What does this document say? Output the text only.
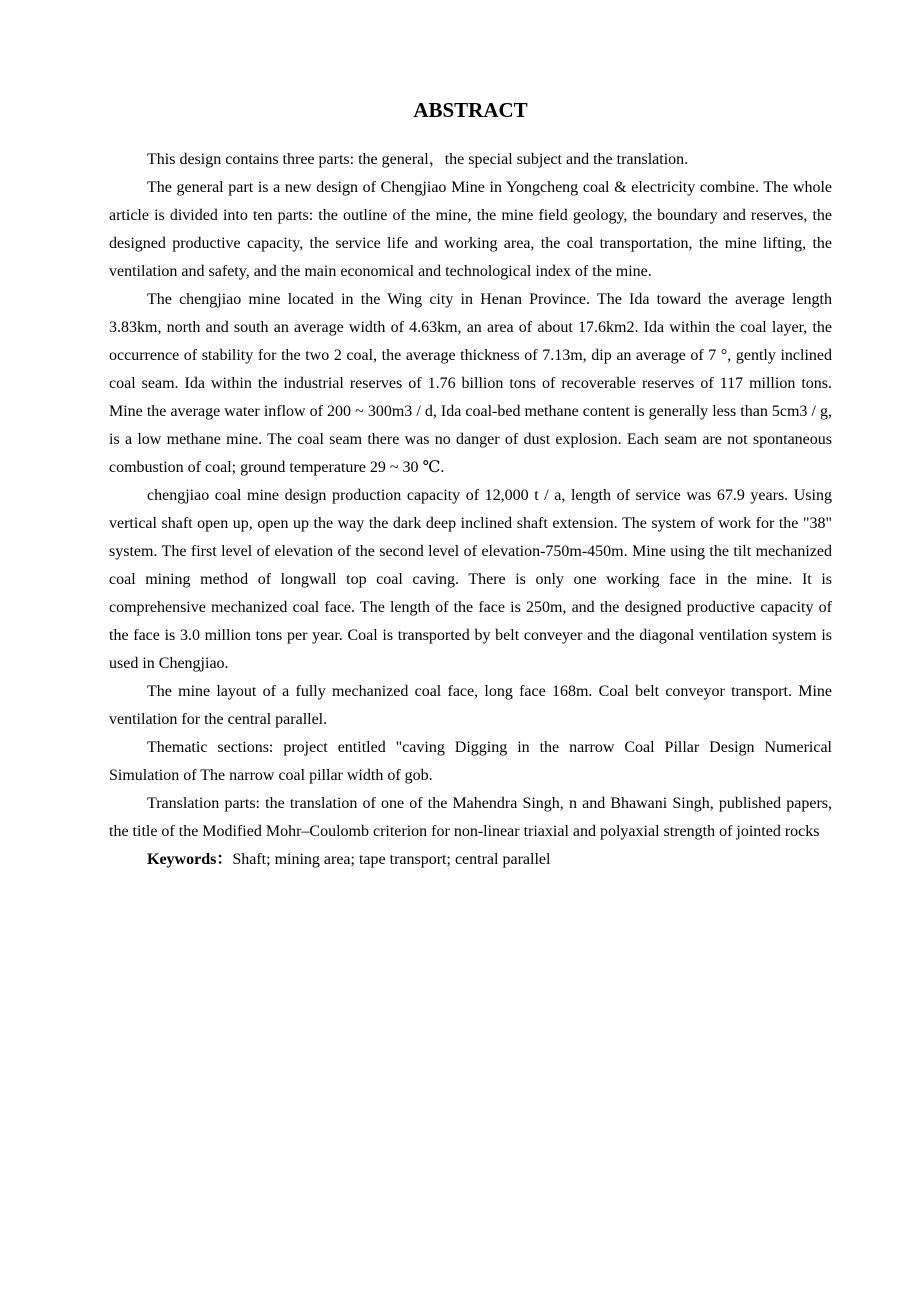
ABSTRACT

This design contains three parts: the general，the special subject and the translation.

The general part is a new design of Chengjiao Mine in Yongcheng coal & electricity combine. The whole article is divided into ten parts: the outline of the mine, the mine field geology, the boundary and reserves, the designed productive capacity, the service life and working area, the coal transportation, the mine lifting, the ventilation and safety, and the main economical and technological index of the mine.

The chengjiao mine located in the Wing city in Henan Province. The Ida toward the average length 3.83km, north and south an average width of 4.63km, an area of about 17.6km2. Ida within the coal layer, the occurrence of stability for the two 2 coal, the average thickness of 7.13m, dip an average of 7 °, gently inclined coal seam. Ida within the industrial reserves of 1.76 billion tons of recoverable reserves of 117 million tons. Mine the average water inflow of 200 ~ 300m3 / d, Ida coal-bed methane content is generally less than 5cm3 / g, is a low methane mine. The coal seam there was no danger of dust explosion. Each seam are not spontaneous combustion of coal; ground temperature 29 ~ 30 ℃.

chengjiao coal mine design production capacity of 12,000 t / a, length of service was 67.9 years. Using vertical shaft open up, open up the way the dark deep inclined shaft extension. The system of work for the "38" system. The first level of elevation of the second level of elevation-750m-450m. Mine using the tilt mechanized coal mining method of longwall top coal caving. There is only one working face in the mine. It is comprehensive mechanized coal face. The length of the face is 250m, and the designed productive capacity of the face is 3.0 million tons per year. Coal is transported by belt conveyer and the diagonal ventilation system is used in Chengjiao.

The mine layout of a fully mechanized coal face, long face 168m. Coal belt conveyor transport. Mine ventilation for the central parallel.

Thematic sections: project entitled "caving Digging in the narrow Coal Pillar Design Numerical Simulation of The narrow coal pillar width of gob.

Translation parts: the translation of one of the Mahendra Singh, n and Bhawani Singh, published papers, the title of the Modified Mohr–Coulomb criterion for non-linear triaxial and polyaxial strength of jointed rocks

Keywords：Shaft; mining area; tape transport; central parallel
